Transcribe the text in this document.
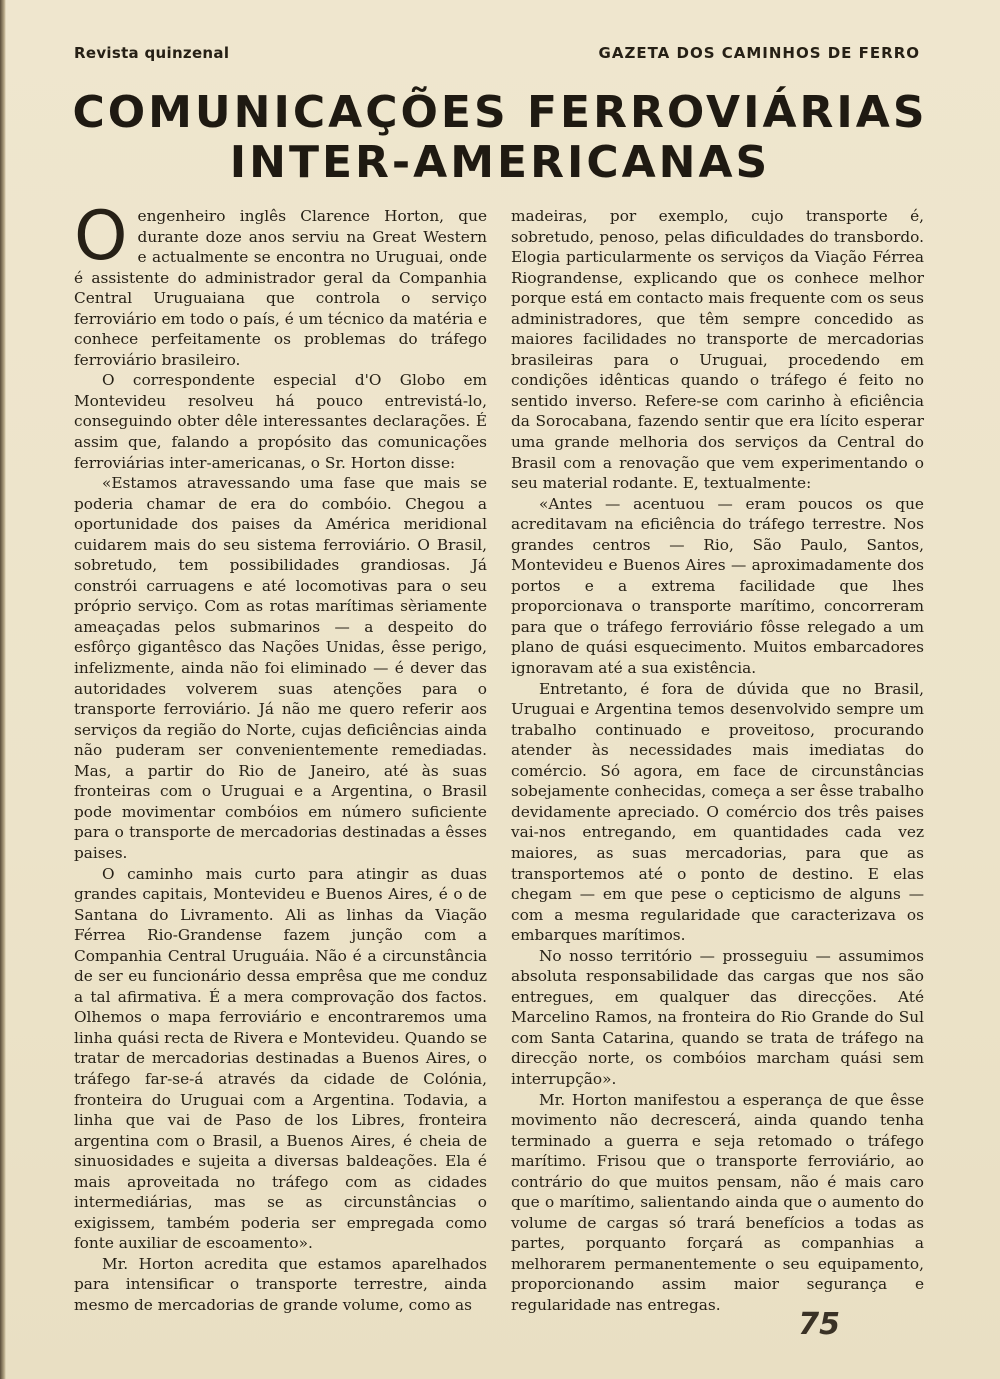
Revista quinzenal	GAZETA DOS CAMINHOS DE FERRO
COMUNICAÇÕES FERROVIÁRIAS
INTER-AMERICANAS

Oengenheiro inglês Clarence Horton, que durante doze anos serviu na Great Western e actualmente se encontra no Uruguai, onde é assistente do administrador geral da Companhia Central Uruguaiana que controla o serviço ferroviário em todo o país, é um técnico da matéria e conhece perfeitamente os problemas do tráfego ferroviário brasileiro.

O correspondente especial d'O Globo em Montevideu resolveu há pouco entrevistá-lo, conseguindo obter dêle interessantes declarações. É assim que, falando a propósito das comunicações ferroviárias inter-americanas, o Sr. Horton disse:

«Estamos atravessando uma fase que mais se poderia chamar de era do combóio. Chegou a oportunidade dos paises da América meridional cuidarem mais do seu sistema ferroviário. O Brasil, sobretudo, tem possibilidades grandiosas. Já constrói carruagens e até locomotivas para o seu próprio serviço. Com as rotas marítimas sèriamente ameaçadas pelos submarinos — a despeito do esfôrço gigantêsco das Nações Unidas, êsse perigo, infelizmente, ainda não foi eliminado — é dever das autoridades volverem suas atenções para o transporte ferroviário. Já não me quero referir aos serviços da região do Norte, cujas deficiências ainda não puderam ser convenientemente remediadas. Mas, a partir do Rio de Janeiro, até às suas fronteiras com o Uruguai e a Argentina, o Brasil pode movimentar combóios em número suficiente para o transporte de mercadorias destinadas a êsses paises.

O caminho mais curto para atingir as duas grandes capitais, Montevideu e Buenos Aires, é o de Santana do Livramento. Ali as linhas da Viação Férrea Rio-Grandense fazem junção com a Companhia Central Uruguáia. Não é a circunstância de ser eu funcionário dessa emprêsa que me conduz a tal afirmativa. É a mera comprovação dos factos. Olhemos o mapa ferroviário e encontraremos uma linha quási recta de Rivera e Montevideu. Quando se tratar de mercadorias destinadas a Buenos Aires, o tráfego far-se-á através da cidade de Colónia, fronteira do Uruguai com a Argentina. Todavia, a linha que vai de Paso de los Libres, fronteira argentina com o Brasil, a Buenos Aires, é cheia de sinuosidades e sujeita a diversas baldeações. Ela é mais aproveitada no tráfego com as cidades intermediárias, mas se as circunstâncias o exigissem, também poderia ser empregada como fonte auxiliar de escoamento».

Mr. Horton acredita que estamos aparelhados para intensificar o transporte terrestre, ainda mesmo de mercadorias de grande volume, como as

madeiras, por exemplo, cujo transporte é, sobretudo, penoso, pelas dificuldades do transbordo. Elogia particularmente os serviços da Viação Férrea Riograndense, explicando que os conhece melhor porque está em contacto mais frequente com os seus administradores, que têm sempre concedido as maiores facilidades no transporte de mercadorias brasileiras para o Uruguai, procedendo em condições idênticas quando o tráfego é feito no sentido inverso. Refere-se com carinho à eficiência da Sorocabana, fazendo sentir que era lícito esperar uma grande melhoria dos serviços da Central do Brasil com a renovação que vem experimentando o seu material rodante. E, textualmente:

«Antes — acentuou — eram poucos os que acreditavam na eficiência do tráfego terrestre. Nos grandes centros — Rio, São Paulo, Santos, Montevideu e Buenos Aires — aproximadamente dos portos e a extrema facilidade que lhes proporcionava o transporte marítimo, concorreram para que o tráfego ferroviário fôsse relegado a um plano de quási esquecimento. Muitos embarcadores ignoravam até a sua existência.

Entretanto, é fora de dúvida que no Brasil, Uruguai e Argentina temos desenvolvido sempre um trabalho continuado e proveitoso, procurando atender às necessidades mais imediatas do comércio. Só agora, em face de circunstâncias sobejamente conhecidas, começa a ser êsse trabalho devidamente apreciado. O comércio dos três paises vai-nos entregando, em quantidades cada vez maiores, as suas mercadorias, para que as transportemos até o ponto de destino. E elas chegam — em que pese o cepticismo de alguns — com a mesma regularidade que caracterizava os embarques marítimos.

No nosso território — prosseguiu — assumimos absoluta responsabilidade das cargas que nos são entregues, em qualquer das direcções. Até Marcelino Ramos, na fronteira do Rio Grande do Sul com Santa Catarina, quando se trata de tráfego na direcção norte, os combóios marcham quási sem interrupção».

Mr. Horton manifestou a esperança de que êsse movimento não decrescerá, ainda quando tenha terminado a guerra e seja retomado o tráfego marítimo. Frisou que o transporte ferroviário, ao contrário do que muitos pensam, não é mais caro que o marítimo, salientando ainda que o aumento do volume de cargas só trará benefícios a todas as partes, porquanto forçará as companhias a melhorarem permanentemente o seu equipamento, proporcionando assim maior segurança e regularidade nas entregas.

75
